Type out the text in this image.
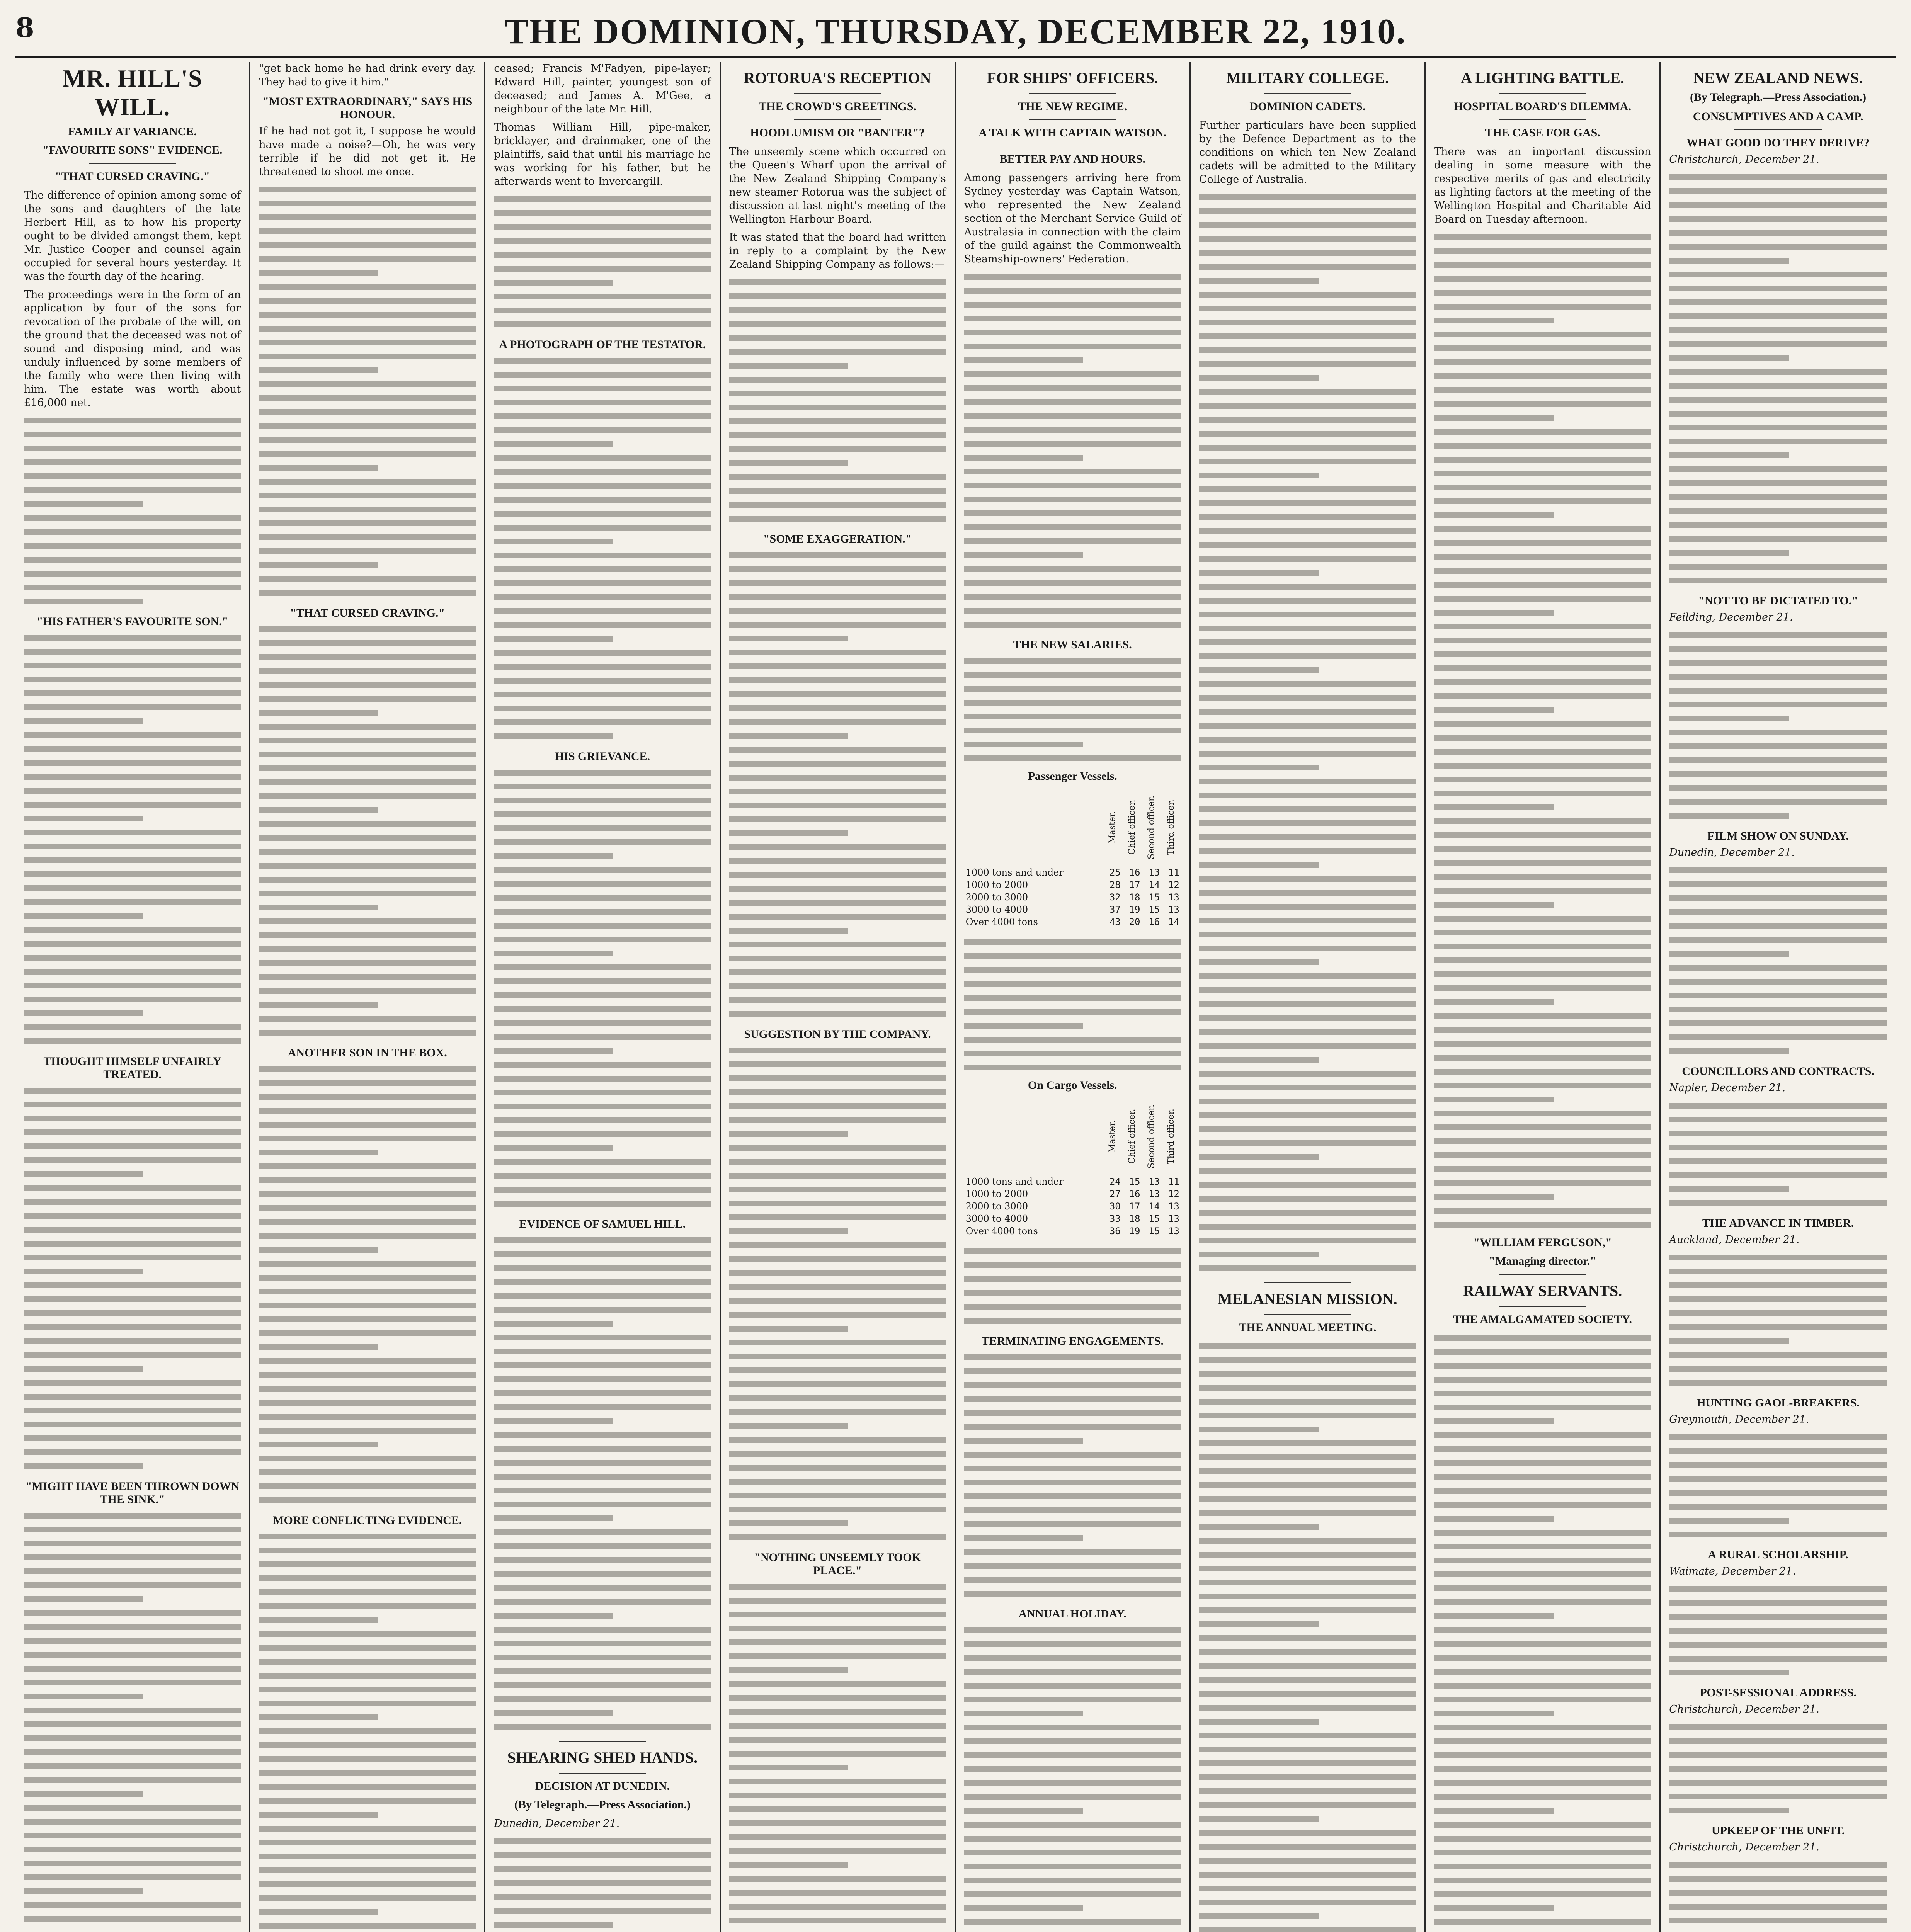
8	THE DOMINION, THURSDAY, DECEMBER 22, 1910.
MR. HILL'S WILL.
FAMILY AT VARIANCE.
"FAVOURITE SONS" EVIDENCE.
"THAT CURSED CRAVING."

The difference of opinion among some of the sons and daughters of the late Herbert Hill, as to how his property ought to be divided amongst them, kept Mr. Justice Cooper and counsel again occupied for several hours yesterday. It was the fourth day of the hearing.

The proceedings were in the form of an application by four of the sons for revocation of the probate of the will, on the ground that the deceased was not of sound and disposing mind, and was unduly influenced by some members of the family who were then living with him. The estate was worth about £16,000 net.

"HIS FATHER'S FAVOURITE SON."
THOUGHT HIMSELF UNFAIRLY TREATED.
"MIGHT HAVE BEEN THROWN DOWN THE SINK."

"get back home he had drink every day. They had to give it him."

"MOST EXTRAORDINARY," SAYS HIS HONOUR.

If he had not got it, I suppose he would have made a noise?—Oh, he was very terrible if he did not get it. He threatened to shoot me once.

"THAT CURSED CRAVING."
ANOTHER SON IN THE BOX.
MORE CONFLICTING EVIDENCE.

ceased; Francis M'Fadyen, pipe-layer; Edward Hill, painter, youngest son of deceased; and James A. M'Gee, a neighbour of the late Mr. Hill.

Thomas William Hill, pipe-maker, bricklayer, and drainmaker, one of the plaintiffs, said that until his marriage he was working for his father, but he afterwards went to Invercargill.

A PHOTOGRAPH OF THE TESTATOR.
HIS GRIEVANCE.
EVIDENCE OF SAMUEL HILL.
SHEARING SHED HANDS.
DECISION AT DUNEDIN.
(By Telegraph.—Press Association.)

Dunedin, December 21.

ROTORUA'S RECEPTION
THE CROWD'S GREETINGS.
HOODLUMISM OR "BANTER"?

The unseemly scene which occurred on the Queen's Wharf upon the arrival of the New Zealand Shipping Company's new steamer Rotorua was the subject of discussion at last night's meeting of the Wellington Harbour Board.

It was stated that the board had written in reply to a complaint by the New Zealand Shipping Company as follows:—

"SOME EXAGGERATION."
SUGGESTION BY THE COMPANY.
"NOTHING UNSEEMLY TOOK PLACE."
FOR SHIPS' OFFICERS.
THE NEW REGIME.
A TALK WITH CAPTAIN WATSON.
BETTER PAY AND HOURS.

Among passengers arriving here from Sydney yesterday was Captain Watson, who represented the New Zealand section of the Merchant Service Guild of Australasia in connection with the claim of the guild against the Commonwealth Steamship-owners' Federation.

THE NEW SALARIES.
Passenger Vessels.
	Master.	Chief officer.	Second officer.	Third officer.
1000 tons and under	25	16	13	11
1000 to 2000	28	17	14	12
2000 to 3000	32	18	15	13
3000 to 4000	37	19	15	13
Over 4000 tons	43	20	16	14
On Cargo Vessels.
	Master.	Chief officer.	Second officer.	Third officer.
1000 tons and under	24	15	13	11
1000 to 2000	27	16	13	12
2000 to 3000	30	17	14	13
3000 to 4000	33	18	15	13
Over 4000 tons	36	19	15	13
TERMINATING ENGAGEMENTS.
ANNUAL HOLIDAY.
MILITARY COLLEGE.
DOMINION CADETS.

Further particulars have been supplied by the Defence Department as to the conditions on which ten New Zealand cadets will be admitted to the Military College of Australia.

MELANESIAN MISSION.
THE ANNUAL MEETING.
A LIGHTING BATTLE.
HOSPITAL BOARD'S DILEMMA.
THE CASE FOR GAS.

There was an important discussion dealing in some measure with the respective merits of gas and electricity as lighting factors at the meeting of the Wellington Hospital and Charitable Aid Board on Tuesday afternoon.

"WILLIAM FERGUSON,"
"Managing director."
RAILWAY SERVANTS.
THE AMALGAMATED SOCIETY.
NEW ZEALAND NEWS.
(By Telegraph.—Press Association.)
CONSUMPTIVES AND A CAMP.
WHAT GOOD DO THEY DERIVE?

Christchurch, December 21.

"NOT TO BE DICTATED TO."

Feilding, December 21.

FILM SHOW ON SUNDAY.

Dunedin, December 21.

COUNCILLORS AND CONTRACTS.

Napier, December 21.

THE ADVANCE IN TIMBER.

Auckland, December 21.

HUNTING GAOL-BREAKERS.

Greymouth, December 21.

A RURAL SCHOLARSHIP.

Waimate, December 21.

POST-SESSIONAL ADDRESS.

Christchurch, December 21.

UPKEEP OF THE UNFIT.

Christchurch, December 21.
